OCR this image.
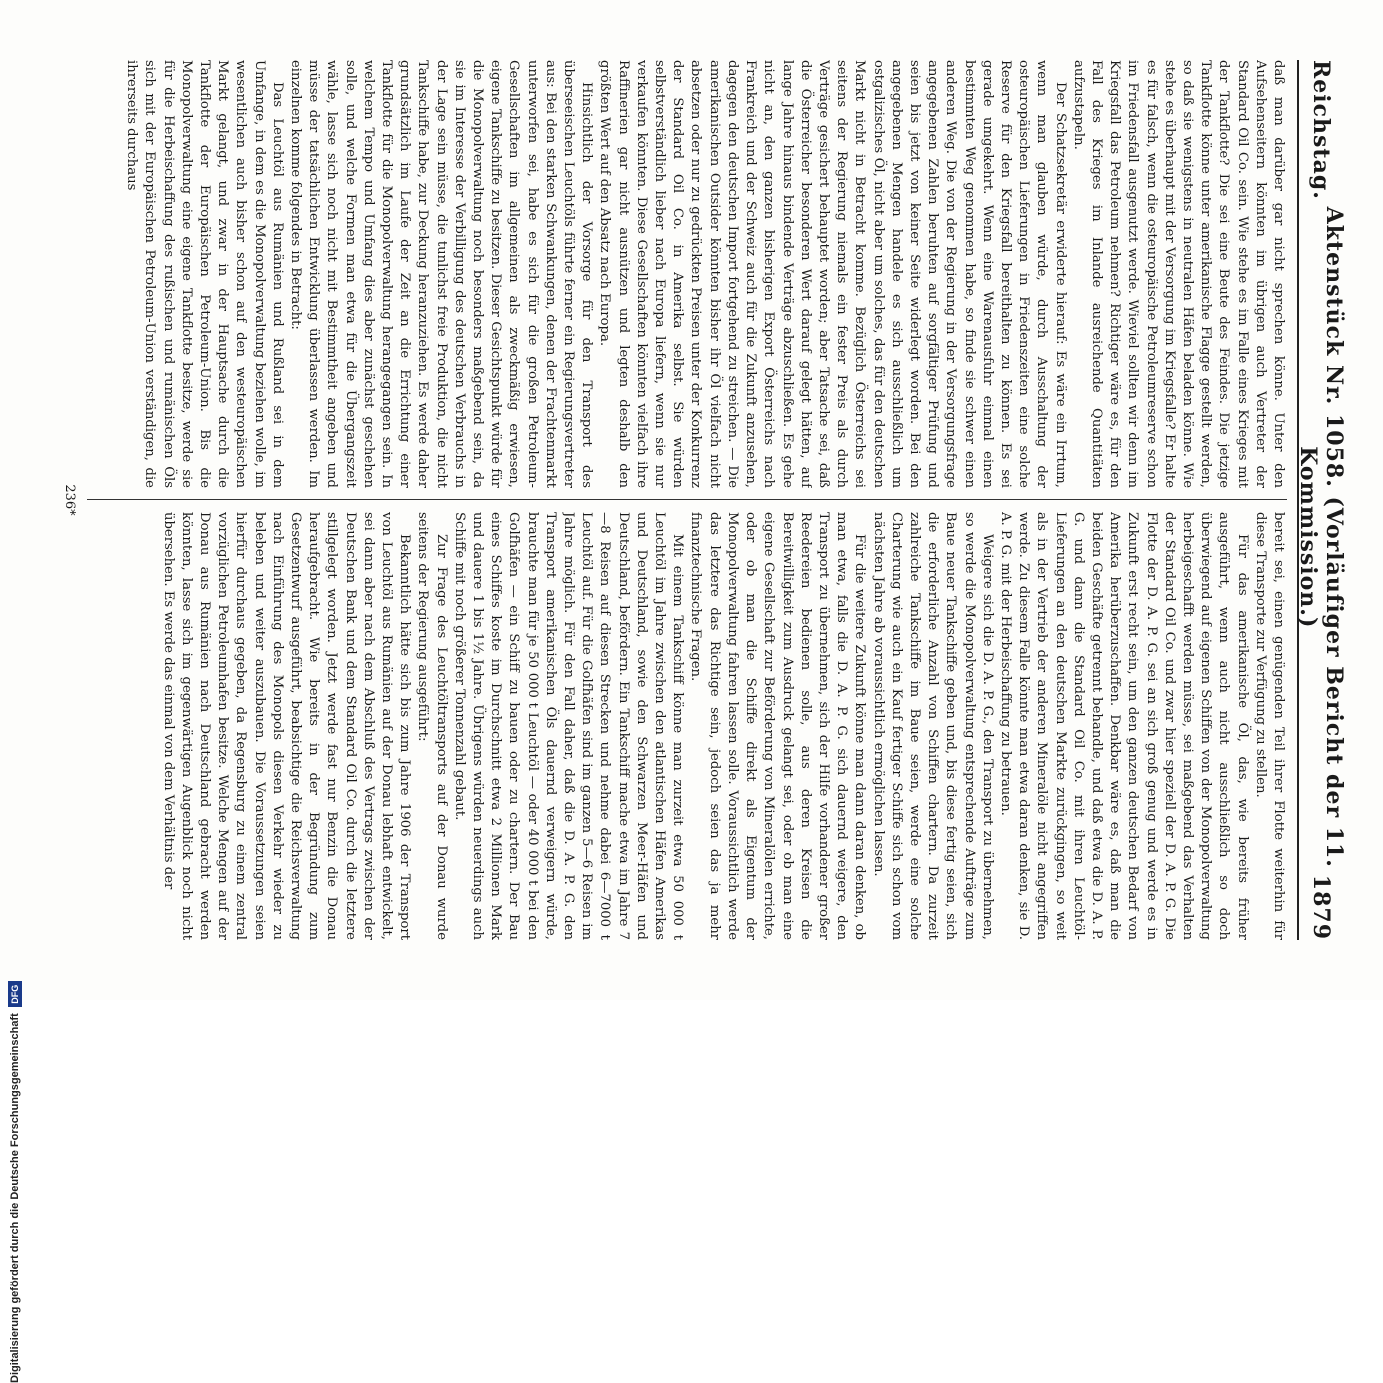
Reichstag.
Aktenstück Nr. 1058. (Vorläufiger Bericht der 11. Kommission.)
1879

daß man darüber gar nicht sprechen könne. Unter den Aufsehenseitern könnten im übrigen auch Vertreter der Standard Oil Co. sein. Wie stehe es im Falle eines Krieges mit der Tankflotte? Die sei eine Beute des Feindes. Die jetzige Tankflotte könne unter amerikanische Flagge gestellt werden, so daß sie wenigstens in neutralen Häfen beladen könne. Wie stehe es überhaupt mit der Versorgung im Kriegsfalle? Er halte es für falsch, wenn die osteuropäische Petroleumreserve schon im Friedensfall ausgenutzt werde. Wieviel sollten wir denn im Kriegsfall das Petroleum nehmen? Richtiger wäre es, für den Fall des Krieges im Inlande ausreichende Quantitäten aufzustapeln.

Der Schatzsekretär erwiderte hierauf: Es wäre ein Irrtum, wenn man glauben würde, durch Ausschaltung der osteuropäischen Lieferungen in Friedenszeiten eine solche Reserve für den Kriegsfall bereithalten zu können. Es sei gerade umgekehrt. Wenn eine Warenausfuhr einmal einen bestimmten Weg genommen habe, so finde sie schwer einen anderen Weg. Die von der Regierung in der Versorgungsfrage angegebenen Zahlen beruhten auf sorgfältiger Prüfung und seien bis jetzt von keiner Seite widerlegt worden. Bei den angegebenen Mengen handele es sich ausschließlich um ostgalizisches Öl, nicht aber um solches, das für den deutschen Markt nicht in Betracht komme. Bezüglich Österreichs sei seitens der Regierung niemals ein fester Preis als durch Verträge gesichert behauptet worden; aber Tatsache sei, daß die Österreicher besonderen Wert darauf gelegt hätten, auf lange Jahre hinaus bindende Verträge abzuschließen. Es gehe nicht an, den ganzen bisherigen Export Österreichs nach Frankreich und der Schweiz auch für die Zukunft anzusehen, dagegen den deutschen Import fortgehend zu streichen. — Die amerikanischen Outsider könnten bisher ihr Öl vielfach nicht absetzen oder nur zu gedrückten Preisen unter der Konkurrenz der Standard Oil Co. in Amerika selbst. Sie würden selbstverständlich lieber nach Europa liefern, wenn sie nur verkaufen könnten. Diese Gesellschaften könnten vielfach ihre Raffinerien gar nicht ausnützen und legten deshalb den größten Wert auf den Absatz nach Europa.

Hinsichtlich der Vorsorge für den Transport des überseeischen Leuchtöls führte ferner ein Regierungsvertreter aus: Bei den starken Schwankungen, denen der Frachtenmarkt unterworfen sei, habe es sich für die großen Petroleum-Gesellschaften im allgemeinen als zweckmäßig erwiesen, eigene Tankschiffe zu besitzen. Dieser Gesichtspunkt würde für die Monopolverwaltung noch besonders maßgebend sein, da sie im Interesse der Verbilligung des deutschen Verbrauchs in der Lage sein müsse, die tunlichst freie Produktion, die nicht Tankschiffe habe, zur Deckung heranzuziehen. Es werde daher grundsätzlich im Laufe der Zeit an die Errichtung einer Tankflotte für die Monopolverwaltung herangegangen sein. In welchem Tempo und Umfang dies aber zunächst geschehen solle, und welche Formen man etwa für die Übergangszeit wähle, lasse sich noch nicht mit Bestimmtheit angeben und müsse der tatsächlichen Entwicklung überlassen werden. Im einzelnen komme folgendes in Betracht:

Das Leuchtöl aus Rumänien und Rußland sei in dem Umfange, in dem es die Monopolverwaltung beziehen wolle, im wesentlichen auch bisher schon auf den westeuropäischen Markt gelangt, und zwar in der Hauptsache durch die Tankflotte der Europäischen Petroleum-Union. Bis die Monopolverwaltung eine eigene Tankflotte besitze, werde sie für die Herbeischaffung des rußischen und rumänischen Öls sich mit der Europäischen Petroleum-Union verständigen, die ihrerseits durchaus

bereit sei, einen genügenden Teil ihrer Flotte weiterhin für diese Transporte zur Verfügung zu stellen.

Für das amerikanische Öl, das, wie bereits früher ausgeführt, wenn auch nicht ausschließlich so doch überwiegend auf eigenen Schiffen von der Monopolverwaltung herbeigeschafft werden müsse, sei maßgebend das Verhalten der Standard Oil Co. und zwar hier speziell der D. A. P. G. Die Flotte der D. A. P. G. sei an sich groß genug und werde es in Zukunft erst recht sein, um den ganzen deutschen Bedarf von Amerika herüberzuschaffen. Denkbar wäre es, daß man die beiden Geschäfte getrennt behandle, und daß etwa die D. A. P. G. und dann die Standard Oil Co. mit ihren Leuchtöl-Lieferungen an den deutschen Markte zurückgingen, so weit als in der Vertrieb der anderen Mineralöle nicht angegriffen werde. Zu diesem Falle könnte man etwa daran denken, sie D. A. P. G. mit der Herbeischaffung zu betrauen.

Weigere sich die D. A. P. G., den Transport zu übernehmen, so werde die Monopolverwaltung entsprechende Aufträge zum Baue neuer Tankschiffe geben und, bis diese fertig seien, sich die erforderliche Anzahl von Schiffen chartern. Da zurzeit zahlreiche Tankschiffe im Baue seien, werde eine solche Charterung wie auch ein Kauf fertiger Schiffe sich schon vom nächsten Jahre ab voraussichtlich ermöglichen lassen.

Für die weitere Zukunft könne man dann daran denken, ob man etwa, falls die D. A. P. G. sich dauernd weigere, den Transport zu übernehmen, sich der Hilfe vorhandener großer Reedereien bedienen solle, aus deren Kreisen die Bereitwilligkeit zum Ausdruck gelangt sei, oder ob man eine eigene Gesellschaft zur Beförderung von Mineralölen errichte, oder ob man die Schiffe direkt als Eigentum der Monopolverwaltung fahren lassen solle. Voraussichtlich werde das letztere das Richtige sein, jedoch seien das ja mehr finanztechnische Fragen.

Mit einem Tankschiff könne man zurzeit etwa 50 000 t Leuchtöl im Jahre zwischen den atlantischen Häfen Amerikas und Deutschland, sowie den Schwarzen Meer-Häfen und Deutschland, befördern. Ein Tankschiff mache etwa im Jahre 7—8 Reisen auf diesen Strecken und nehme dabei 6—7000 t Leuchtöl auf. Für die Golfhäfen sind im ganzen 5—6 Reisen im Jahre möglich. Für den Fall daher, daß die D. A. P. G. den Transport amerikanischen Öls dauernd verweigern würde, brauchte man für je 50 000 t Leuchtöl — oder 40 000 t bei den Golfhäfen — ein Schiff zu bauen oder zu chartern. Der Bau eines Schiffes koste im Durchschnitt etwa 2 Millionen Mark und dauere 1 bis 1½ Jahre. Übrigens würden neuerdings auch Schiffe mit noch größerer Tonnenzahl gebaut.

Zur Frage des Leuchtöltransports auf der Donau wurde seitens der Regierung ausgeführt:

Bekanntlich hätte sich bis zum Jahre 1906 der Transport von Leuchtöl aus Rumänien auf der Donau lebhaft entwickelt, sei dann aber nach dem Abschluß des Vertrags zwischen der Deutschen Bank und dem Standard Oil Co. durch die letztere stillgelegt worden. Jetzt werde fast nur Benzin die Donau heraufgebracht. Wie bereits in der Begründung zum Gesetzentwurf ausgeführt, beabsichtige die Reichsverwaltung nach Einführung des Monopols diesen Verkehr wieder zu beleben und weiter auszubauen. Die Voraussetzungen seien hierfür durchaus gegeben, da Regensburg zu einem zentral vorzüglichen Petroleumhafen besitze. Welche Mengen auf der Donau aus Rumänien nach Deutschland gebracht werden könnten, lasse sich im gegenwärtigen Augenblick noch nicht übersehen. Es werde das einmal von dem Verhältnis der

236*
Digitalisierung gefördert durch die Deutsche ForschungsgemeinschaftDFG
